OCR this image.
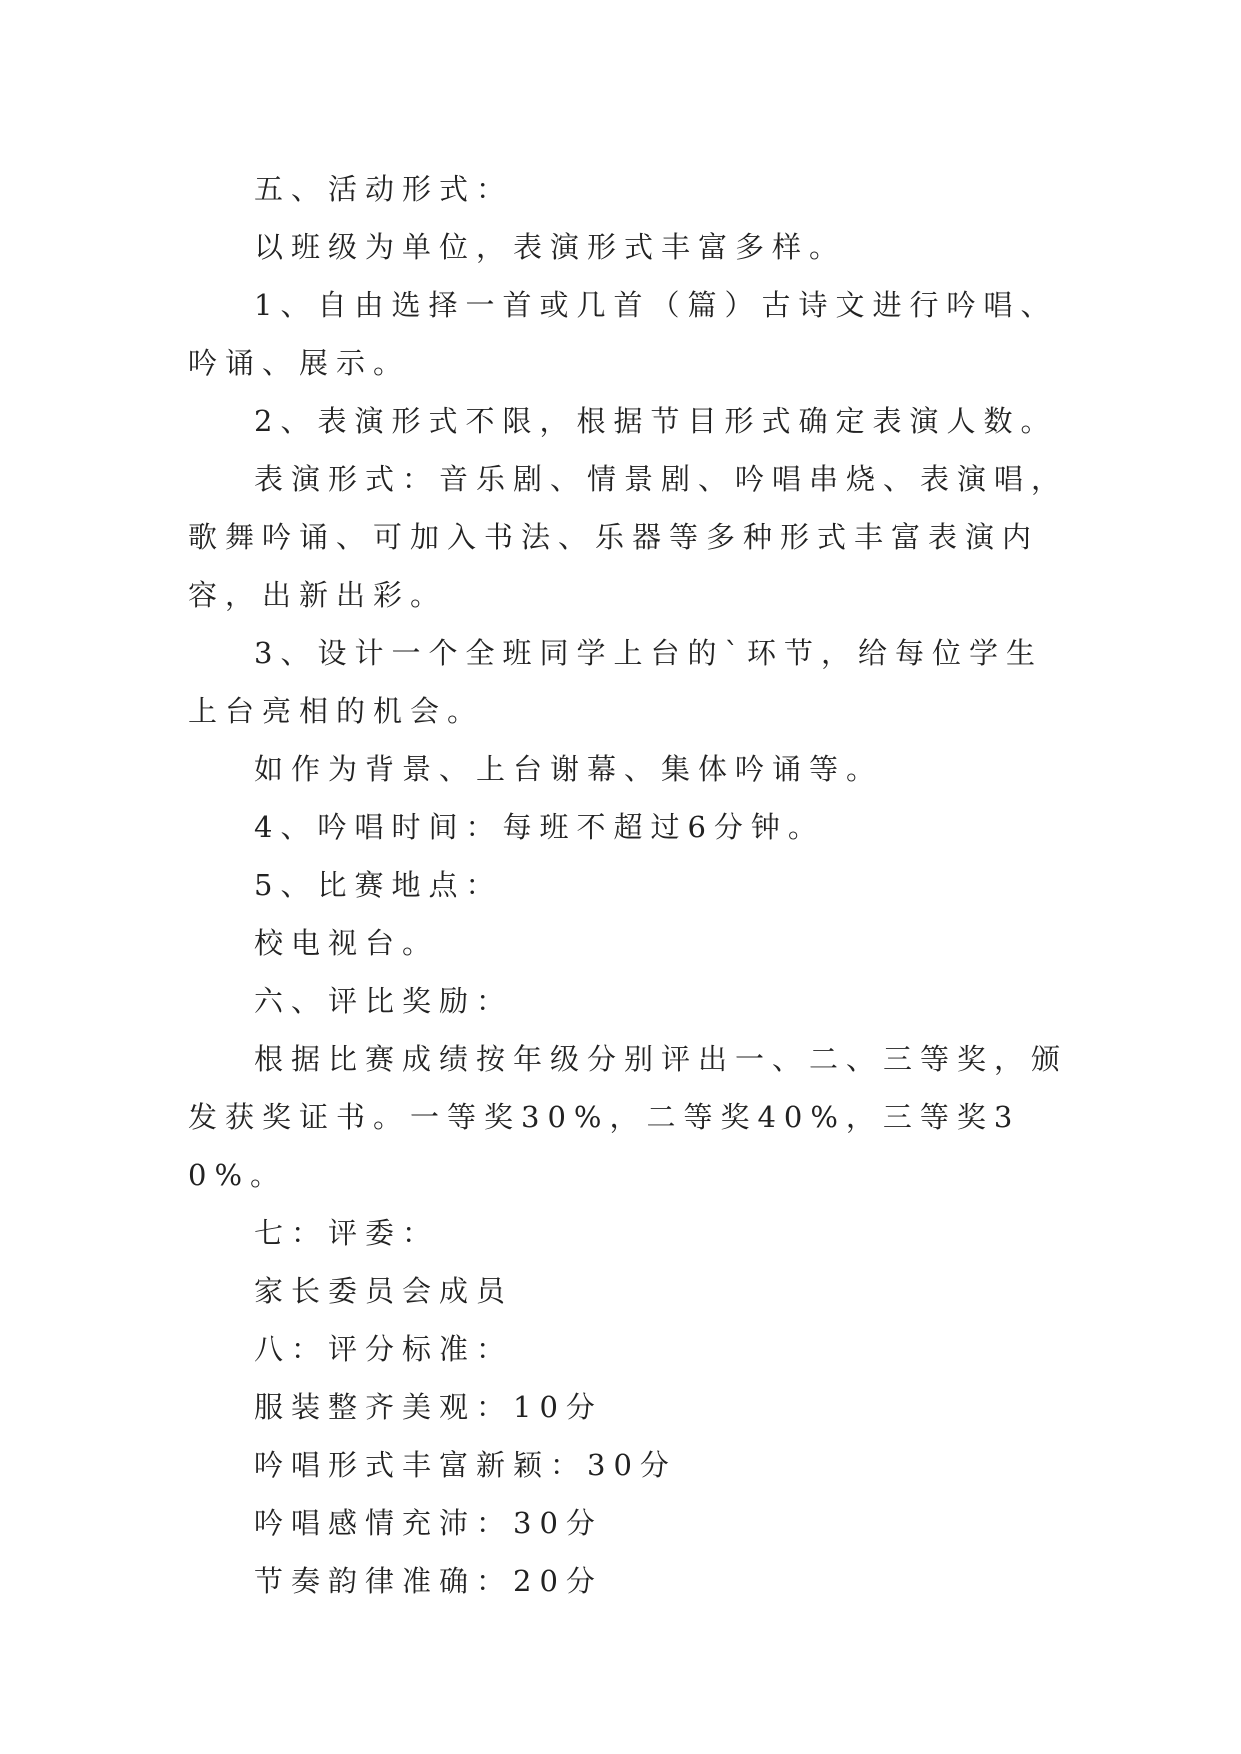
五、活动形式：

以班级为单位，表演形式丰富多样。

1、自由选择一首或几首（篇）古诗文进行吟唱、吟诵、展示。

2、表演形式不限，根据节目形式确定表演人数。

表演形式：音乐剧、情景剧、吟唱串烧、表演唱，歌舞吟诵、可加入书法、乐器等多种形式丰富表演内容，出新出彩。

3、设计一个全班同学上台的`环节，给每位学生上台亮相的机会。

如作为背景、上台谢幕、集体吟诵等。

4、吟唱时间：每班不超过6分钟。

5、比赛地点：

校电视台。

六、评比奖励：

根据比赛成绩按年级分别评出一、二、三等奖，颁发获奖证书。一等奖30%，二等奖40%，三等奖30%。

七：评委：

家长委员会成员

八：评分标准：

服装整齐美观：10分

吟唱形式丰富新颖：30分

吟唱感情充沛：30分

节奏韵律准确：20分
